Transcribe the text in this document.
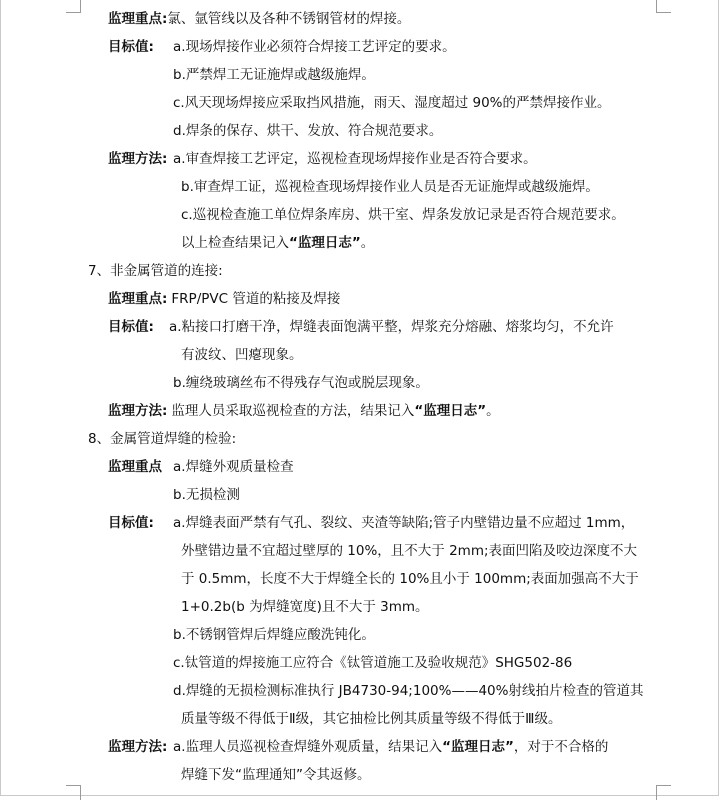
监理重点:氯、氩管线以及各种不锈钢管材的焊接。
目标值: a.现场焊接作业必须符合焊接工艺评定的要求。
b.严禁焊工无证施焊或越级施焊。
c.风天现场焊接应采取挡风措施，雨天、湿度超过 90%的严禁焊接作业。
d.焊条的保存、烘干、发放、符合规范要求。
监理方法: a.审查焊接工艺评定，巡视检查现场焊接作业是否符合要求。
b.审查焊工证，巡视检查现场焊接作业人员是否无证施焊或越级施焊。
c.巡视检查施工单位焊条库房、烘干室、焊条发放记录是否符合规范要求。
以上检查结果记入“监理日志”。
7、非金属管道的连接:
监理重点: FRP/PVC 管道的粘接及焊接
目标值: a.粘接口打磨干净，焊缝表面饱满平整，焊浆充分熔融、熔浆均匀，不允许
有波纹、凹瘪现象。
b.缠绕玻璃丝布不得残存气泡或脱层现象。
监理方法: 监理人员采取巡视检查的方法，结果记入“监理日志”。
8、金属管道焊缝的检验:
监理重点 a.焊缝外观质量检查
b.无损检测
目标值: a.焊缝表面严禁有气孔、裂纹、夹渣等缺陷;管子内壁错边量不应超过 1mm，
外壁错边量不宜超过壁厚的 10%，且不大于 2mm;表面凹陷及咬边深度不大
于 0.5mm，长度不大于焊缝全长的 10%且小于 100mm;表面加强高不大于
1+0.2b(b 为焊缝宽度)且不大于 3mm。
b.不锈钢管焊后焊缝应酸洗钝化。
c.钛管道的焊接施工应符合《钛管道施工及验收规范》SHG502-86
d.焊缝的无损检测标准执行 JB4730-94;100%——40%射线拍片检查的管道其
质量等级不得低于Ⅱ级，其它抽检比例其质量等级不得低于Ⅲ级。
监理方法: a.监理人员巡视检查焊缝外观质量，结果记入“监理日志”，对于不合格的
焊缝下发“监理通知”令其返修。
